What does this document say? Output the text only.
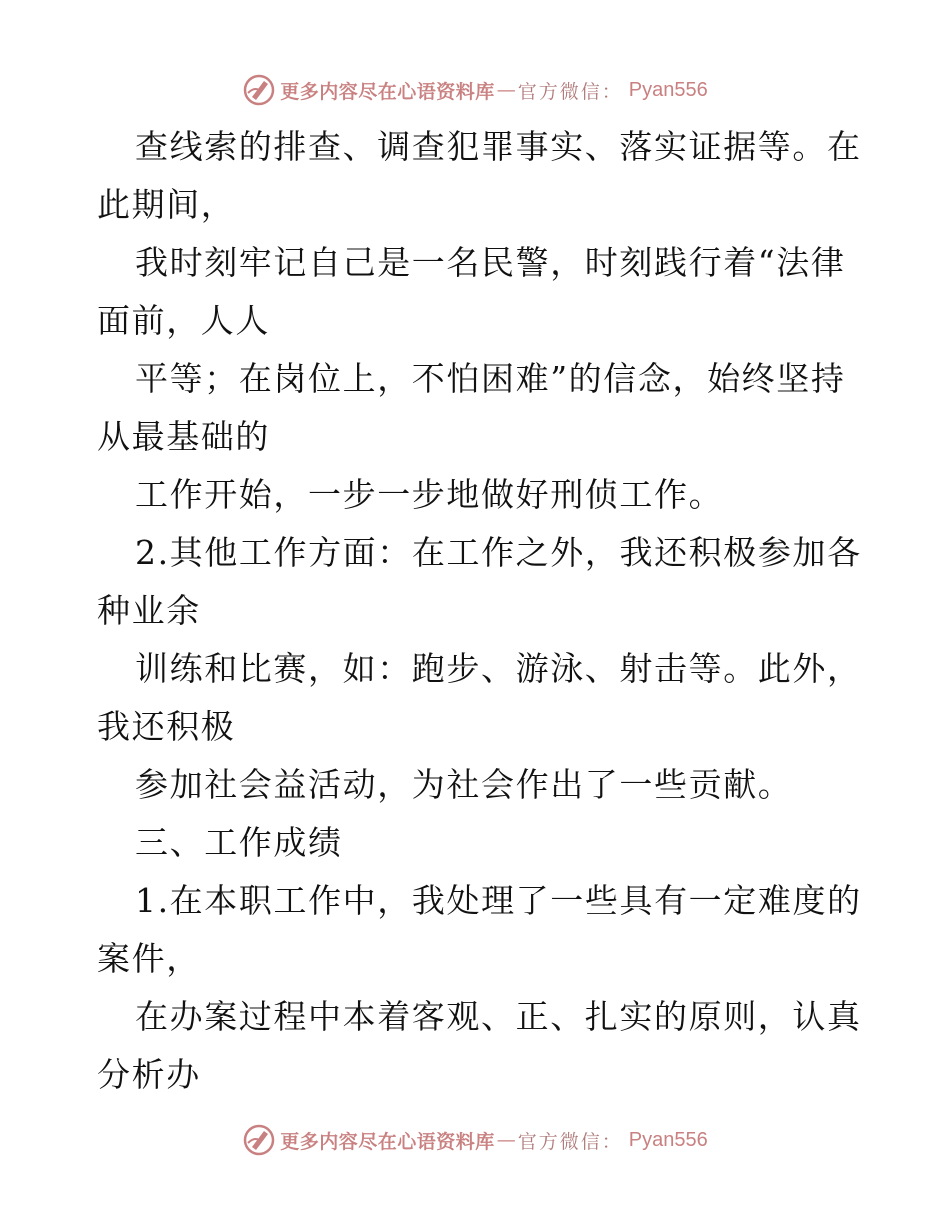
更多内容尽在心语资料库 — 官方微信： Pyan556
查线索的排查、调查犯罪事实、落实证据等。在
此期间，
我时刻牢记自己是一名民警，时刻践行着“法律
面前，人人
平等；在岗位上，不怕困难”的信念，始终坚持
从最基础的
工作开始，一步一步地做好刑侦工作。
2.其他工作方面：在工作之外，我还积极参加各
种业余
训练和比赛，如：跑步、游泳、射击等。此外，
我还积极
参加社会益活动，为社会作出了一些贡献。
三、工作成绩
1.在本职工作中，我处理了一些具有一定难度的
案件，
在办案过程中本着客观、正、扎实的原则，认真
分析办
更多内容尽在心语资料库 — 官方微信： Pyan556
